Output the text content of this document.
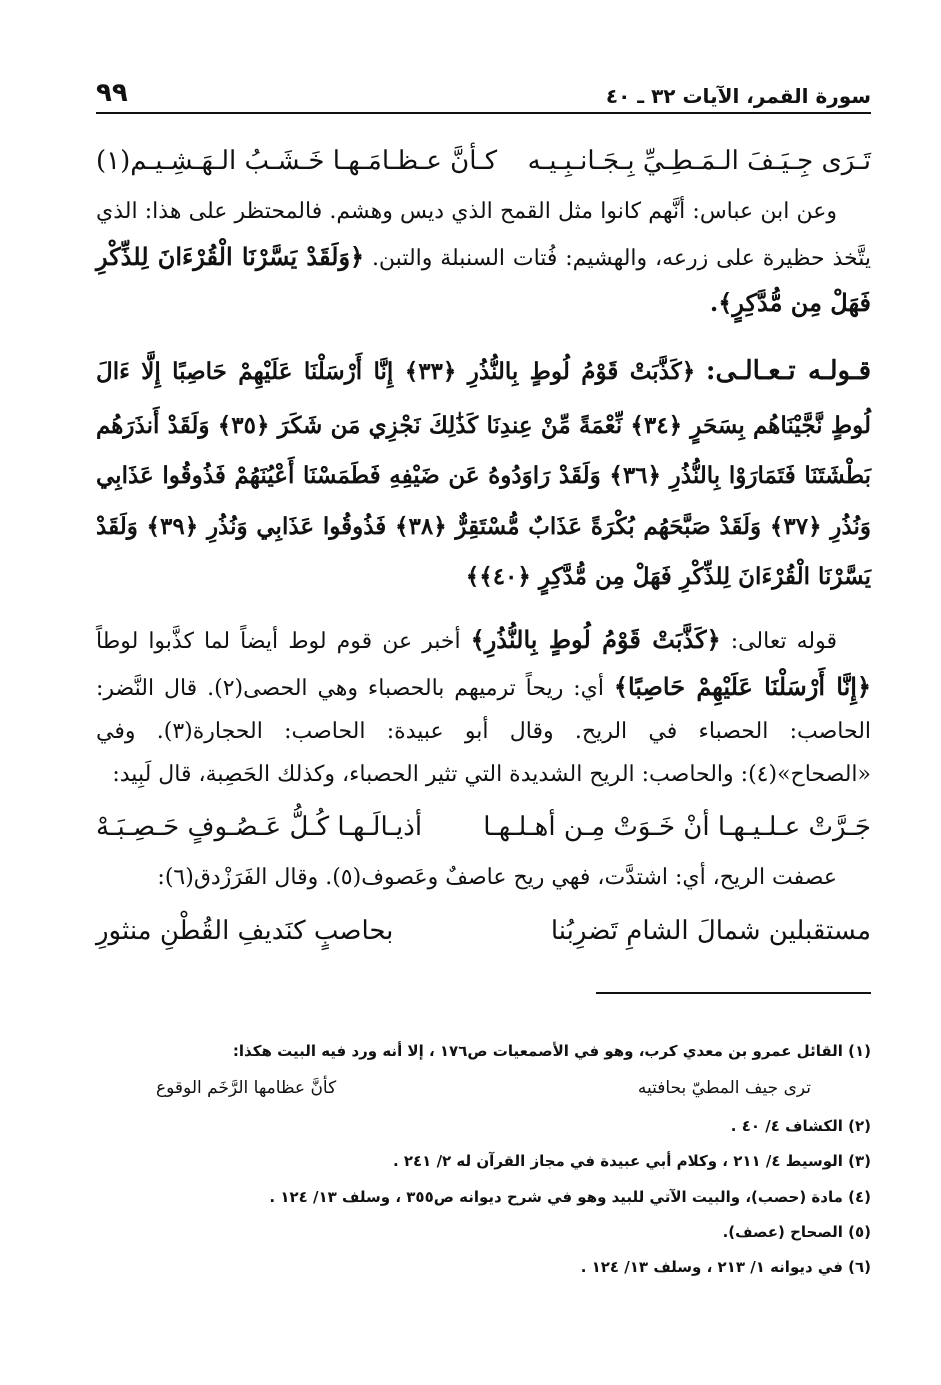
سورة القمر، الآيات ٣٢ ـ ٤٠
٩٩
تَـرَى جِـيَـفَ الـمَـطِـيِّ بِـجَـانـبِـيـه
كـأنَّ عـظـامَـهـا خَـشَـبُ الـهَـشِـيـم(١)

وعن ابن عباس: أنَّهم كانوا مثل القمح الذي ديس وهشم. فالمحتظر على هذا: الذي يتَّخذ حظيرة على زرعه، والهشيم: فُتات السنبلة والتبن. ﴿وَلَقَدْ يَسَّرْنَا الْقُرْءَانَ لِلذِّكْرِ فَهَلْ مِن مُّدَّكِرٍ﴾.

قـولـه تـعـالـى: ﴿كَذَّبَتْ قَوْمُ لُوطٍ بِالنُّذُرِ ﴿٣٣﴾ إِنَّا أَرْسَلْنَا عَلَيْهِمْ حَاصِبًا إِلَّا ءَالَ لُوطٍ نَّجَّيْنَاهُم بِسَحَرٍ ﴿٣٤﴾ نِّعْمَةً مِّنْ عِندِنَا كَذَٰلِكَ نَجْزِي مَن شَكَرَ ﴿٣٥﴾ وَلَقَدْ أَنذَرَهُم بَطْشَتَنَا فَتَمَارَوْا بِالنُّذُرِ ﴿٣٦﴾ وَلَقَدْ رَاوَدُوهُ عَن ضَيْفِهِ فَطَمَسْنَا أَعْيُنَهُمْ فَذُوقُوا عَذَابِي وَنُذُرِ ﴿٣٧﴾ وَلَقَدْ صَبَّحَهُم بُكْرَةً عَذَابٌ مُّسْتَقِرٌّ ﴿٣٨﴾ فَذُوقُوا عَذَابِي وَنُذُرِ ﴿٣٩﴾ وَلَقَدْ يَسَّرْنَا الْقُرْءَانَ لِلذِّكْرِ فَهَلْ مِن مُّدَّكِرٍ ﴿٤٠﴾﴾

قوله تعالى: ﴿كَذَّبَتْ قَوْمُ لُوطٍ بِالنُّذُرِ﴾ أخبر عن قوم لوط أيضاً لما كذَّبوا لوطاً ﴿إِنَّا أَرْسَلْنَا عَلَيْهِمْ حَاصِبًا﴾ أي: ريحاً ترميهم بالحصباء وهي الحصى(٢). قال النَّضر: الحاصب: الحصباء في الريح. وقال أبو عبيدة: الحاصب: الحجارة(٣). وفي «الصحاح»(٤): والحاصب: الريح الشديدة التي تثير الحصباء، وكذلك الحَصِبة، قال لَبِيد:

جَـرَّتْ عـلـيـهـا أنْ خَـوَتْ مِـن أهـلـهـا
أذيـالَـهـا كُـلُّ عَـصُـوفٍ حَـصِـبَـهْ

عصفت الريح، أي: اشتدَّت، فهي ريح عاصفٌ وعَصوف(٥). وقال الفَرَزْدق(٦):

مستقبلين شمالَ الشامِ تَضرِبُنا
بحاصبٍ كنَديفِ القُطْنِ منثورِ
(١) القائل عمرو بن معدي كرب، وهو في الأصمعيات ص١٧٦ ، إلا أنه ورد فيه البيت هكذا:
ترى جيف المطيّ بحافتيه
كأنَّ عظامها الرَّخَم الوقوع
(٢) الكشاف ٤/ ٤٠ .
(٣) الوسيط ٤/ ٢١١ ، وكلام أبي عبيدة في مجاز القرآن له ٢/ ٢٤١ .
(٤) مادة (حصب)، والبيت الآتي للبيد وهو في شرح ديوانه ص٣٥٥ ، وسلف ١٣/ ١٢٤ .
(٥) الصحاح (عصف).
(٦) في ديوانه ١/ ٢١٣ ، وسلف ١٣/ ١٢٤ .
